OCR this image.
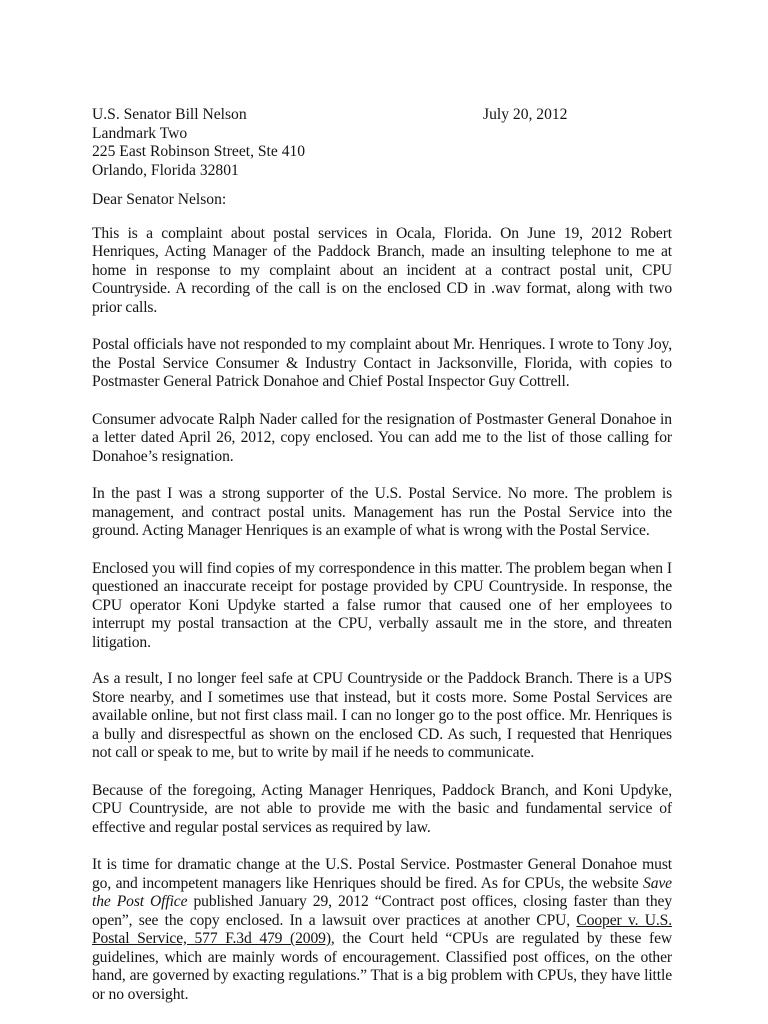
U.S. Senator Bill Nelson
Landmark Two
225 East Robinson Street, Ste 410
Orlando, Florida 32801
July 20, 2012
Dear Senator Nelson:

This is a complaint about postal services in Ocala, Florida. On June 19, 2012 Robert Henriques, Acting Manager of the Paddock Branch, made an insulting telephone to me at home in response to my complaint about an incident at a contract postal unit, CPU Countryside. A recording of the call is on the enclosed CD in .wav format, along with two prior calls.

Postal officials have not responded to my complaint about Mr. Henriques. I wrote to Tony Joy, the Postal Service Consumer & Industry Contact in Jacksonville, Florida, with copies to Postmaster General Patrick Donahoe and Chief Postal Inspector Guy Cottrell.

Consumer advocate Ralph Nader called for the resignation of Postmaster General Donahoe in a letter dated April 26, 2012, copy enclosed. You can add me to the list of those calling for Donahoe’s resignation.

In the past I was a strong supporter of the U.S. Postal Service. No more. The problem is management, and contract postal units. Management has run the Postal Service into the ground. Acting Manager Henriques is an example of what is wrong with the Postal Service.

Enclosed you will find copies of my correspondence in this matter. The problem began when I questioned an inaccurate receipt for postage provided by CPU Countryside. In response, the CPU operator Koni Updyke started a false rumor that caused one of her employees to interrupt my postal transaction at the CPU, verbally assault me in the store, and threaten litigation.

As a result, I no longer feel safe at CPU Countryside or the Paddock Branch. There is a UPS Store nearby, and I sometimes use that instead, but it costs more. Some Postal Services are available online, but not first class mail. I can no longer go to the post office. Mr. Henriques is a bully and disrespectful as shown on the enclosed CD. As such, I requested that Henriques not call or speak to me, but to write by mail if he needs to communicate.

Because of the foregoing, Acting Manager Henriques, Paddock Branch, and Koni Updyke, CPU Countryside, are not able to provide me with the basic and fundamental service of effective and regular postal services as required by law.

It is time for dramatic change at the U.S. Postal Service. Postmaster General Donahoe must go, and incompetent managers like Henriques should be fired. As for CPUs, the website Save the Post Office published January 29, 2012 “Contract post offices, closing faster than they open”, see the copy enclosed. In a lawsuit over practices at another CPU, Cooper v. U.S. Postal Service, 577 F.3d 479 (2009), the Court held “CPUs are regulated by these few guidelines, which are mainly words of encouragement. Classified post offices, on the other hand, are governed by exacting regulations.” That is a big problem with CPUs, they have little or no oversight.
